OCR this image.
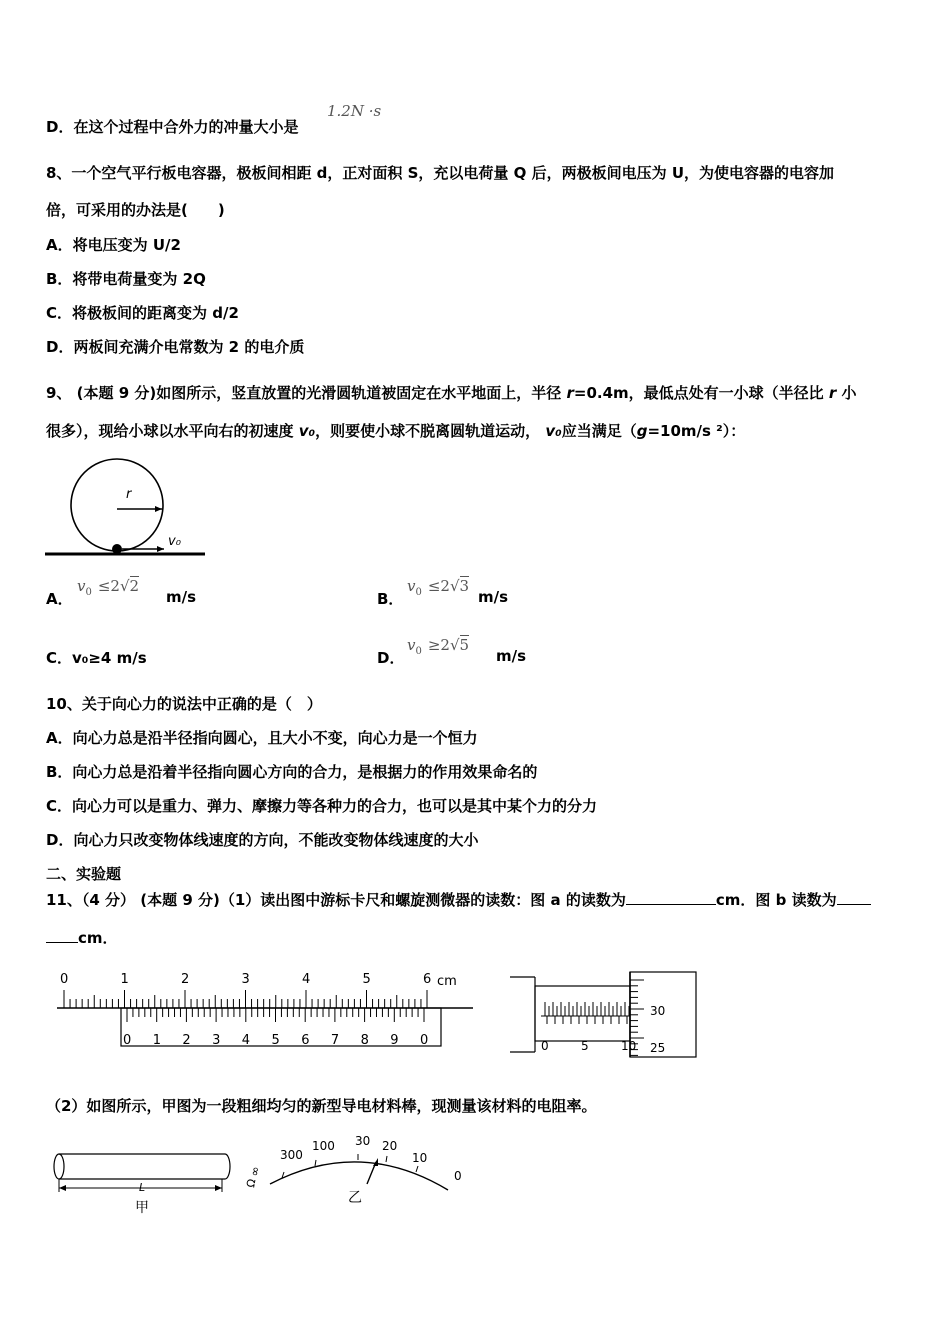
D．在这个过程中合外力的冲量大小是
1.2N ·s
8、一个空气平行板电容器，极板间相距 d，正对面积 S，充以电荷量 Q 后，两极板间电压为 U，为使电容器的电容加
倍，可采用的办法是(　　)
A．将电压变为 U/2
B．将带电荷量变为 2Q
C．将极板间的距离变为 d/2
D．两板间充满介电常数为 2 的电介质
9、 (本题 9 分)如图所示，竖直放置的光滑圆轨道被固定在水平地面上，半径 r=0.4m，最低点处有一小球（半径比 r 小
很多），现给小球以水平向右的初速度 v₀，则要使小球不脱离圆轨道运动， v₀应当满足（g=10m/s ²）：
r
v₀
A．
$v_0 \le 2√2$
m/s	B．
$v_0 \le 2√3$
m/s
C．v₀≥4 m/s	D．
$v_0 \ge 2√5$
m/s
10、关于向心力的说法中正确的是（　）
A．向心力总是沿半径指向圆心，且大小不变，向心力是一个恒力
B．向心力总是沿着半径指向圆心方向的合力，是根据力的作用效果命名的
C．向心力可以是重力、弹力、摩擦力等各种力的合力，也可以是其中某个力的分力
D．向心力只改变物体线速度的方向，不能改变物体线速度的大小
二、实验题
11、（4 分） (本题 9 分)（1）读出图中游标卡尺和螺旋测微器的读数：图 a 的读数为	cm．图 b 读数为
cm．
0	1	2	3	4	5	6
0 1 2 3 4 5 6 7 8 9 0
cm
0	5	10
30
25
（2）如图所示，甲图为一段粗细均匀的新型导电材料棒，现测量该材料的电阻率。
L
甲
∞
300
100 30 20
10
0
Ω
乙
